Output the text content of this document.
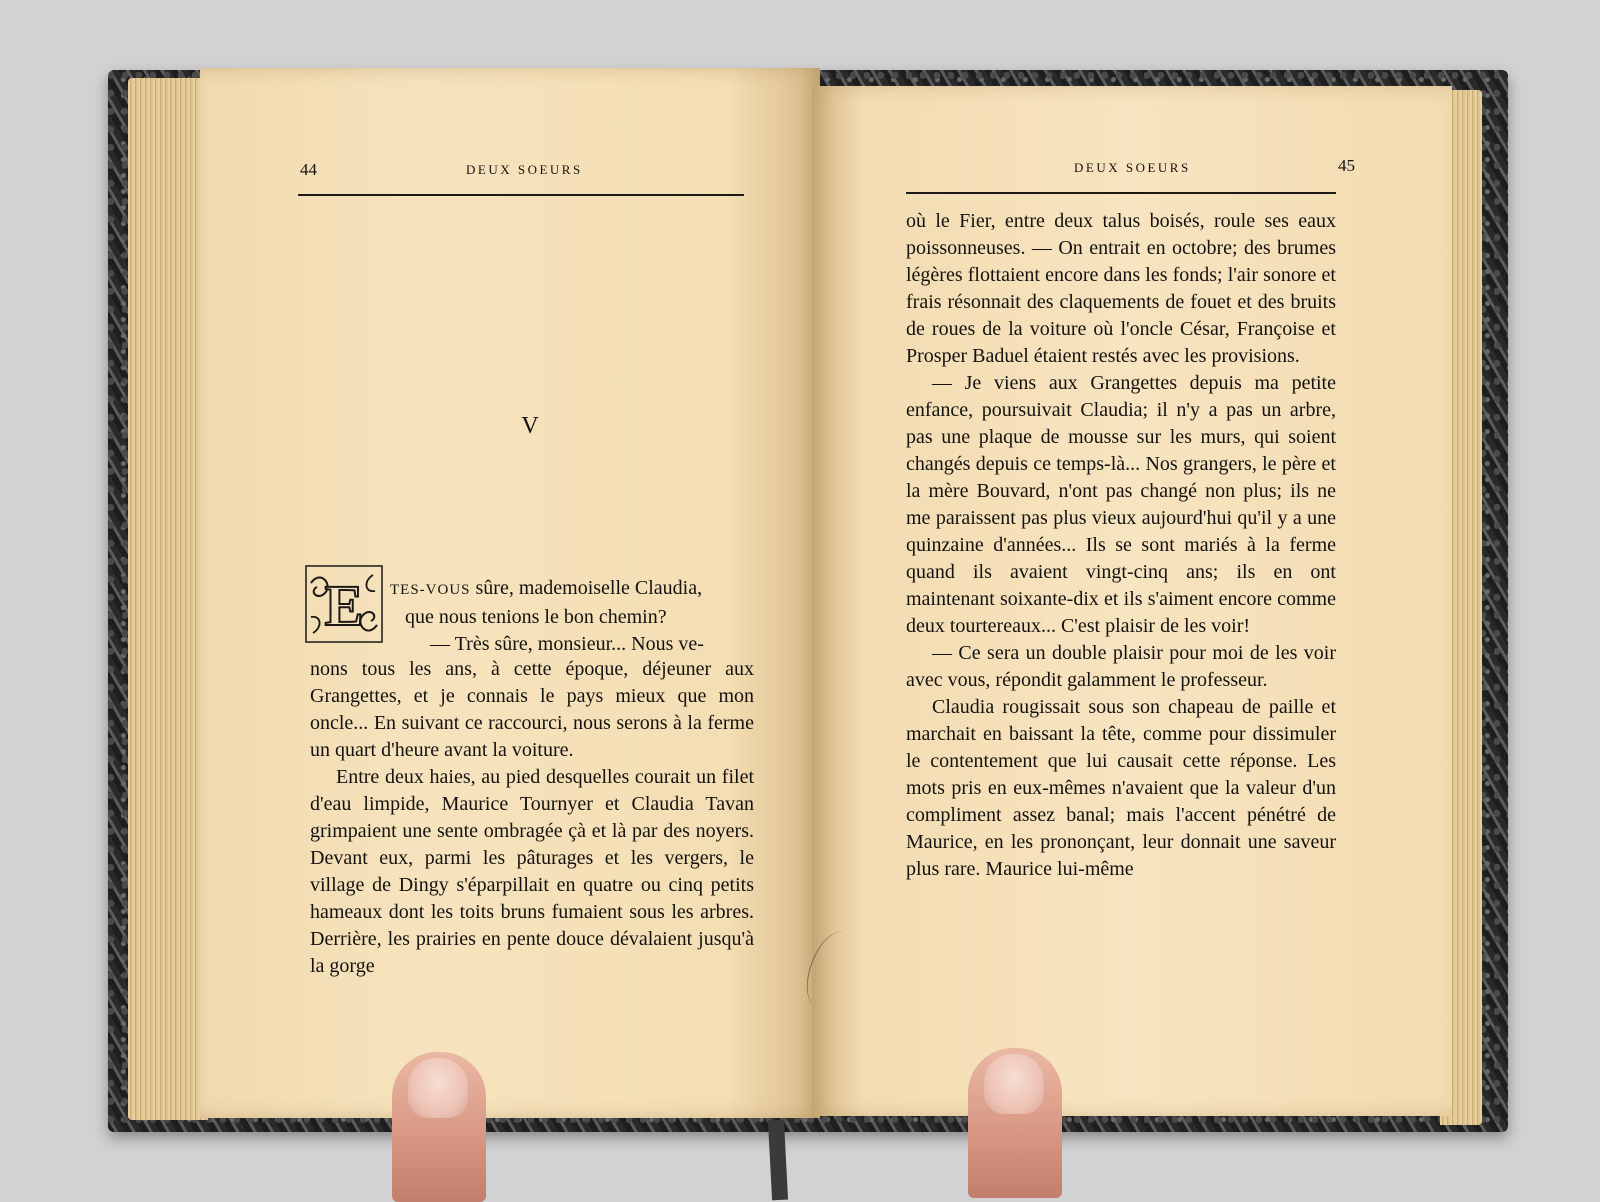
44	DEUX SOEURS
V
E	TES-VOUS sûre, mademoiselle Claudia,
que nous tenions le bon chemin?
— Très sûre, monsieur... Nous ve-

nons tous les ans, à cette époque, déjeuner aux Grangettes, et je connais le pays mieux que mon oncle... En suivant ce raccourci, nous serons à la ferme un quart d'heure avant la voiture.

Entre deux haies, au pied desquelles courait un filet d'eau limpide, Maurice Tournyer et Claudia Tavan grimpaient une sente ombragée çà et là par des noyers. Devant eux, parmi les pâturages et les vergers, le village de Dingy s'éparpillait en quatre ou cinq petits hameaux dont les toits bruns fumaient sous les arbres. Derrière, les prairies en pente douce dévalaient jusqu'à la gorge

DEUX SOEURS	45

où le Fier, entre deux talus boisés, roule ses eaux poissonneuses. — On entrait en octobre; des brumes légères flottaient encore dans les fonds; l'air sonore et frais résonnait des claquements de fouet et des bruits de roues de la voiture où l'oncle César, Françoise et Prosper Baduel étaient restés avec les provisions.

— Je viens aux Grangettes depuis ma petite enfance, poursuivait Claudia; il n'y a pas un arbre, pas une plaque de mousse sur les murs, qui soient changés depuis ce temps-là... Nos grangers, le père et la mère Bouvard, n'ont pas changé non plus; ils ne me paraissent pas plus vieux aujourd'hui qu'il y a une quinzaine d'années... Ils se sont mariés à la ferme quand ils avaient vingt-cinq ans; ils en ont maintenant soixante-dix et ils s'aiment encore comme deux tourtereaux... C'est plaisir de les voir!

— Ce sera un double plaisir pour moi de les voir avec vous, répondit galamment le professeur.

Claudia rougissait sous son chapeau de paille et marchait en baissant la tête, comme pour dissimuler le contentement que lui causait cette réponse. Les mots pris en eux-mêmes n'avaient que la valeur d'un compliment assez banal; mais l'accent pénétré de Maurice, en les prononçant, leur donnait une saveur plus rare. Maurice lui-même
